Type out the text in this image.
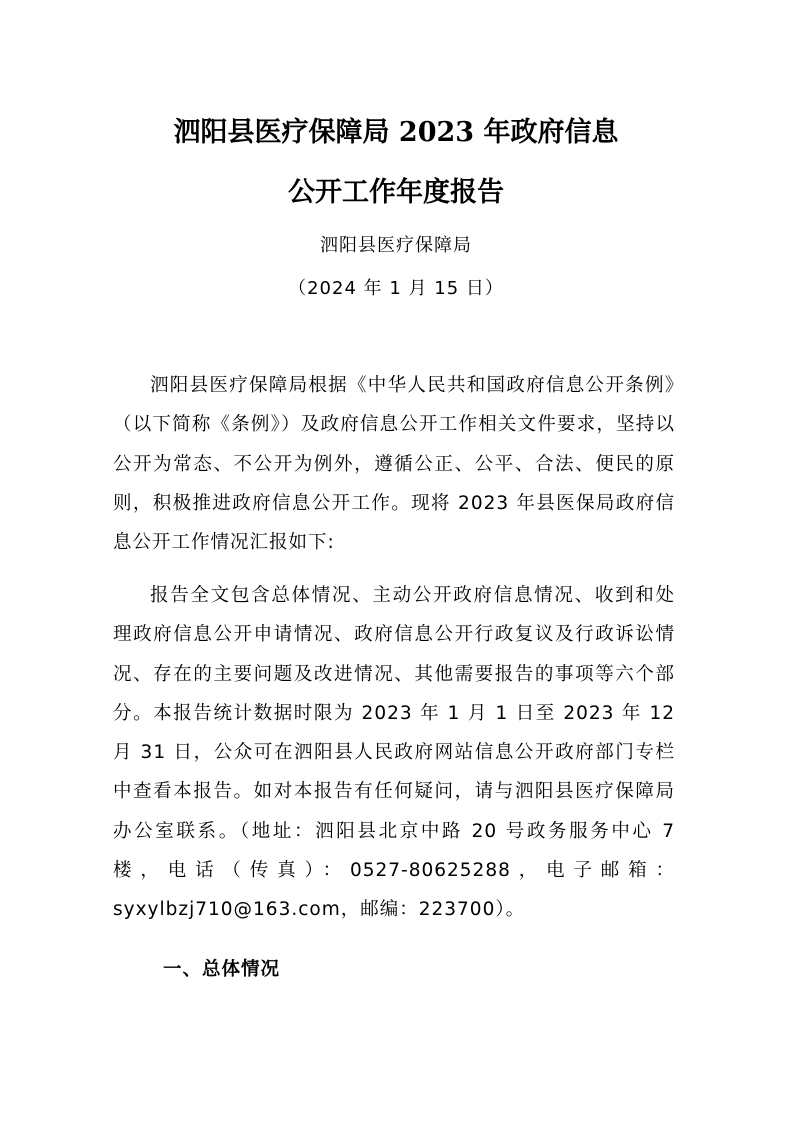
泗阳县医疗保障局 2023 年政府信息
公开工作年度报告
泗阳县医疗保障局
（2024 年 1 月 15 日）

泗阳县医疗保障局根据《中华人民共和国政府信息公开条例》（以下简称《条例》）及政府信息公开工作相关文件要求，坚持以公开为常态、不公开为例外，遵循公正、公平、合法、便民的原则，积极推进政府信息公开工作。现将 2023 年县医保局政府信息公开工作情况汇报如下:

报告全文包含总体情况、主动公开政府信息情况、收到和处理政府信息公开申请情况、政府信息公开行政复议及行政诉讼情况、存在的主要问题及改进情况、其他需要报告的事项等六个部分。本报告统计数据时限为 2023 年 1 月 1 日至 2023 年 12 月 31 日，公众可在泗阳县人民政府网站信息公开政府部门专栏中查看本报告。如对本报告有任何疑问，请与泗阳县医疗保障局办公室联系。（地址：泗阳县北京中路 20 号政务服务中心 7 楼，电话（传真）：0527-80625288，电子邮箱：syxylbzj710@163.com，邮编：223700）。

一、总体情况
